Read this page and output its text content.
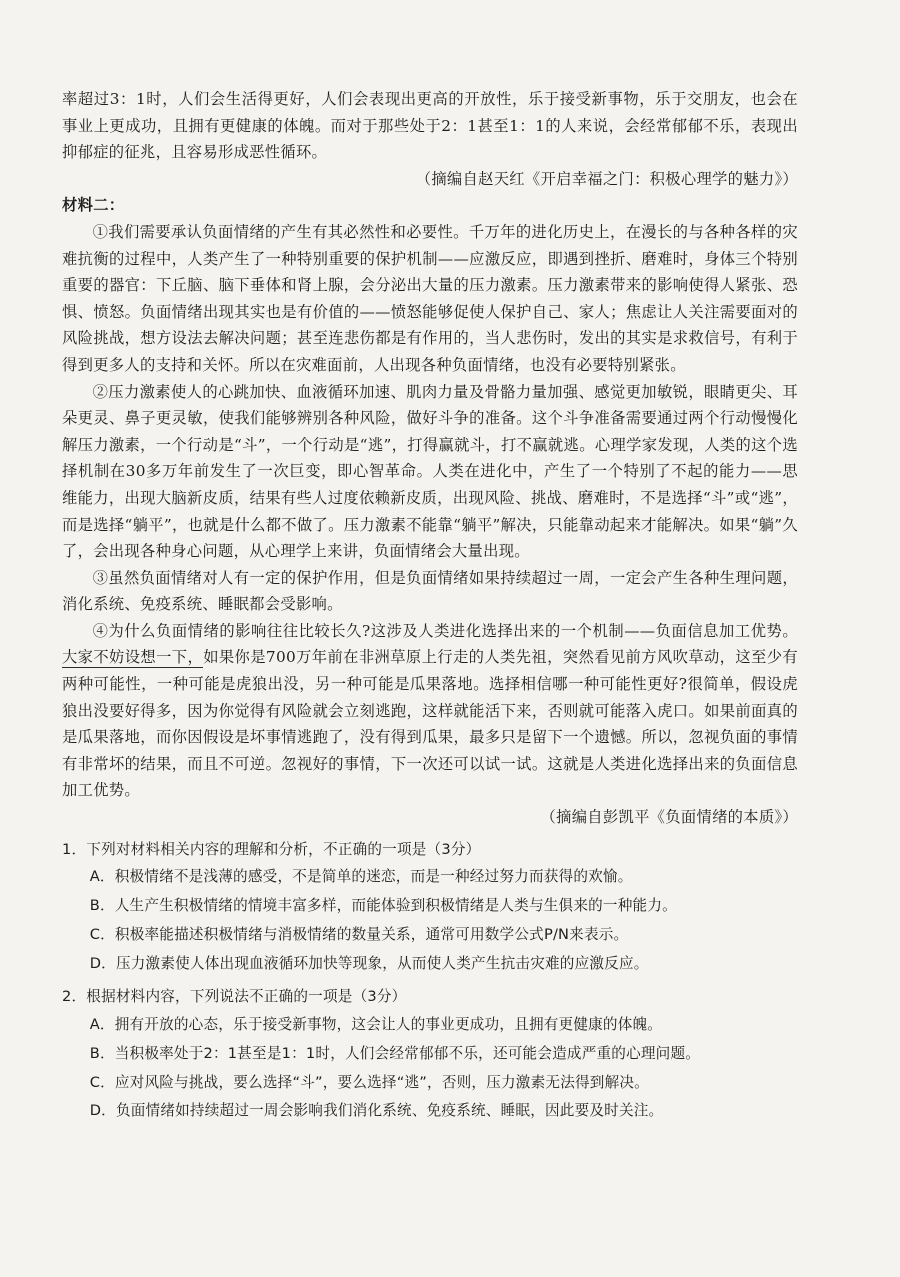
率超过3：1时，人们会生活得更好，人们会表现出更高的开放性，乐于接受新事物，乐于交朋友，也会在事业上更成功，且拥有更健康的体魄。而对于那些处于2：1甚至1：1的人来说，会经常郁郁不乐，表现出抑郁症的征兆，且容易形成恶性循环。

（摘编自赵天红《开启幸福之门：积极心理学的魅力》）

材料二：

①我们需要承认负面情绪的产生有其必然性和必要性。千万年的进化历史上，在漫长的与各种各样的灾难抗衡的过程中，人类产生了一种特别重要的保护机制——应激反应，即遇到挫折、磨难时，身体三个特别重要的器官：下丘脑、脑下垂体和肾上腺，会分泌出大量的压力激素。压力激素带来的影响使得人紧张、恐惧、愤怒。负面情绪出现其实也是有价值的——愤怒能够促使人保护自己、家人；焦虑让人关注需要面对的风险挑战，想方设法去解决问题；甚至连悲伤都是有作用的，当人悲伤时，发出的其实是求救信号，有利于得到更多人的支持和关怀。所以在灾难面前，人出现各种负面情绪，也没有必要特别紧张。

②压力激素使人的心跳加快、血液循环加速、肌肉力量及骨骼力量加强、感觉更加敏锐，眼睛更尖、耳朵更灵、鼻子更灵敏，使我们能够辨别各种风险，做好斗争的准备。这个斗争准备需要通过两个行动慢慢化解压力激素，一个行动是“斗”，一个行动是“逃”，打得赢就斗，打不赢就逃。心理学家发现，人类的这个选择机制在30多万年前发生了一次巨变，即心智革命。人类在进化中，产生了一个特别了不起的能力——思维能力，出现大脑新皮质，结果有些人过度依赖新皮质，出现风险、挑战、磨难时，不是选择“斗”或“逃”，而是选择“躺平”，也就是什么都不做了。压力激素不能靠“躺平”解决，只能靠动起来才能解决。如果“躺”久了，会出现各种身心问题，从心理学上来讲，负面情绪会大量出现。

③虽然负面情绪对人有一定的保护作用，但是负面情绪如果持续超过一周，一定会产生各种生理问题，消化系统、免疫系统、睡眠都会受影响。

④为什么负面情绪的影响往往比较长久?这涉及人类进化选择出来的一个机制——负面信息加工优势。大家不妨设想一下，如果你是700万年前在非洲草原上行走的人类先祖，突然看见前方风吹草动，这至少有两种可能性，一种可能是虎狼出没，另一种可能是瓜果落地。选择相信哪一种可能性更好?很简单，假设虎狼出没要好得多，因为你觉得有风险就会立刻逃跑，这样就能活下来，否则就可能落入虎口。如果前面真的是瓜果落地，而你因假设是坏事情逃跑了，没有得到瓜果，最多只是留下一个遗憾。所以，忽视负面的事情有非常坏的结果，而且不可逆。忽视好的事情，下一次还可以试一试。这就是人类进化选择出来的负面信息加工优势。

（摘编自彭凯平《负面情绪的本质》）

1．下列对材料相关内容的理解和分析，不正确的一项是（3分）

A．积极情绪不是浅薄的感受，不是简单的迷恋，而是一种经过努力而获得的欢愉。

B．人生产生积极情绪的情境丰富多样，而能体验到积极情绪是人类与生俱来的一种能力。

C．积极率能描述积极情绪与消极情绪的数量关系，通常可用数学公式P/N来表示。

D．压力激素使人体出现血液循环加快等现象，从而使人类产生抗击灾难的应激反应。

2．根据材料内容，下列说法不正确的一项是（3分）

A．拥有开放的心态，乐于接受新事物，这会让人的事业更成功，且拥有更健康的体魄。

B．当积极率处于2：1甚至是1：1时，人们会经常郁郁不乐，还可能会造成严重的心理问题。

C．应对风险与挑战，要么选择“斗”，要么选择“逃”，否则，压力激素无法得到解决。

D．负面情绪如持续超过一周会影响我们消化系统、免疫系统、睡眠，因此要及时关注。
